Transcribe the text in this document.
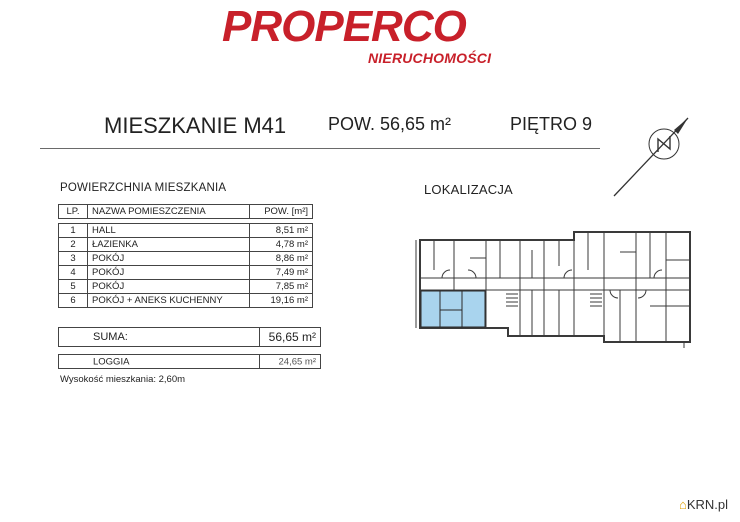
PROPERCO
NIERUCHOMOŚCI
MIESZKANIE M41 POW. 56,65 m²	PIĘTRO 9
POWIERZCHNIA MIESZKANIA
LP.	NAZWA POMIESZCZENIA	POW. [m²]

1	HALL	8,51 m²
2	ŁAZIENKA	4,78 m²
3	POKÓJ	8,86 m²
4	POKÓJ	7,49 m²
5	POKÓJ	7,85 m²
6	POKÓJ + ANEKS KUCHENNY	19,16 m²
SUMA:	56,65 m²
LOGGIA	24,65 m²
Wysokość mieszkania: 2,60m
LOKALIZACJA
⌂KRN.pl
